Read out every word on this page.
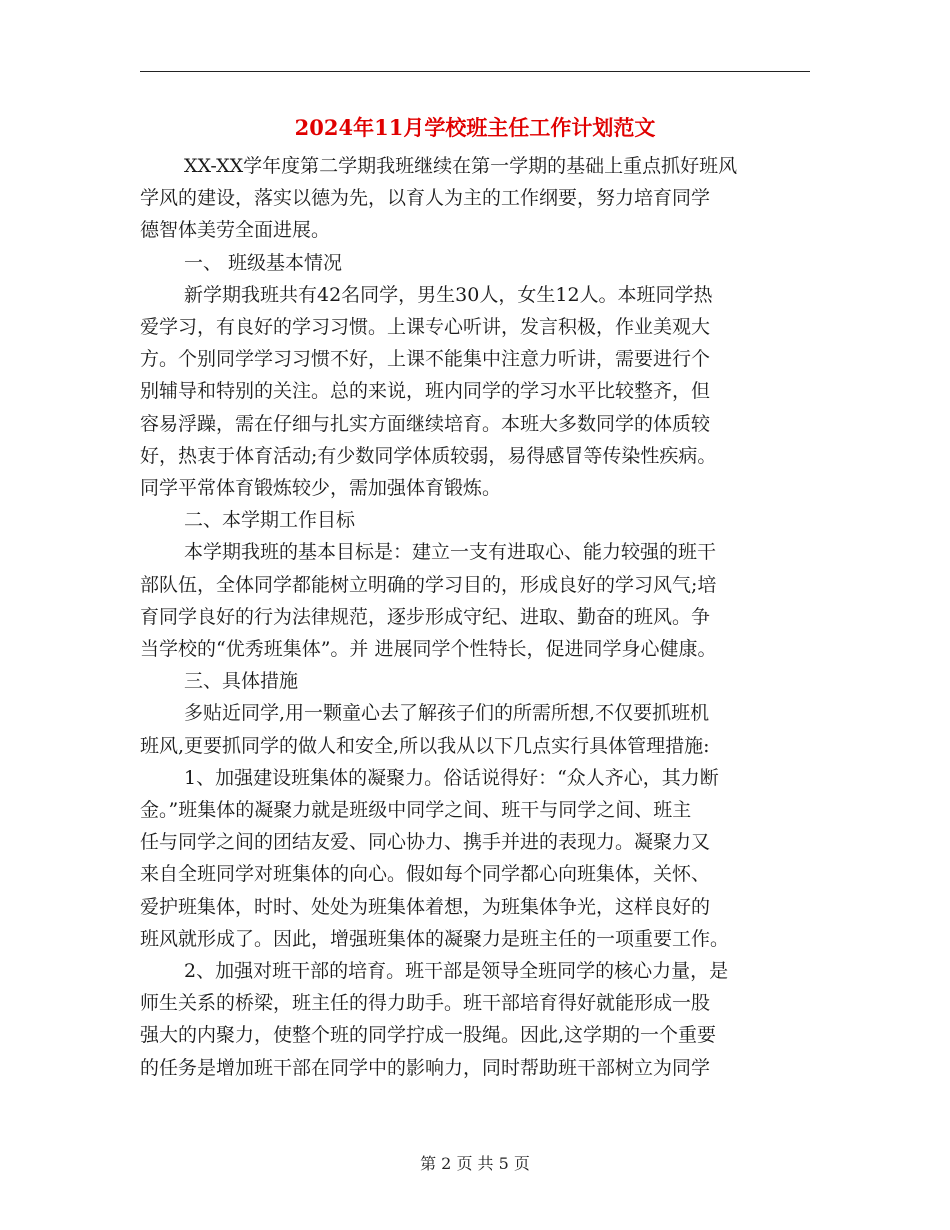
2024年11月学校班主任工作计划范文
XX-XX学年度第二学期我班继续在第一学期的基础上重点抓好班风
学风的建设，落实以德为先，以育人为主的工作纲要，努力培育同学
德智体美劳全面进展。
一、 班级基本情况
新学期我班共有42名同学，男生30人，女生12人。本班同学热
爱学习，有良好的学习习惯。上课专心听讲，发言积极，作业美观大
方。个别同学学习习惯不好，上课不能集中注意力听讲，需要进行个
别辅导和特别的关注。总的来说，班内同学的学习水平比较整齐，但
容易浮躁，需在仔细与扎实方面继续培育。本班大多数同学的体质较
好，热衷于体育活动;有少数同学体质较弱，易得感冒等传染性疾病。
同学平常体育锻炼较少，需加强体育锻炼。
二、本学期工作目标
本学期我班的基本目标是：建立一支有进取心、能力较强的班干
部队伍，全体同学都能树立明确的学习目的，形成良好的学习风气;培
育同学良好的行为法律规范，逐步形成守纪、进取、勤奋的班风。争
当学校的“优秀班集体”。并 进展同学个性特长，促进同学身心健康。
三、具体措施
多贴近同学,用一颗童心去了解孩子们的所需所想,不仅要抓班机
班风,更要抓同学的做人和安全,所以我从以下几点实行具体管理措施:
1、加强建设班集体的凝聚力。俗话说得好：“众人齐心，其力断
金。”班集体的凝聚力就是班级中同学之间、班干与同学之间、班主
任与同学之间的团结友爱、同心协力、携手并进的表现力。凝聚力又
来自全班同学对班集体的向心。假如每个同学都心向班集体，关怀、
爱护班集体，时时、处处为班集体着想，为班集体争光，这样良好的
班风就形成了。因此，增强班集体的凝聚力是班主任的一项重要工作。
2、加强对班干部的培育。班干部是领导全班同学的核心力量，是
师生关系的桥梁，班主任的得力助手。班干部培育得好就能形成一股
强大的内聚力，使整个班的同学拧成一股绳。因此,这学期的一个重要
的任务是增加班干部在同学中的影响力，同时帮助班干部树立为同学
第 2 页 共 5 页
